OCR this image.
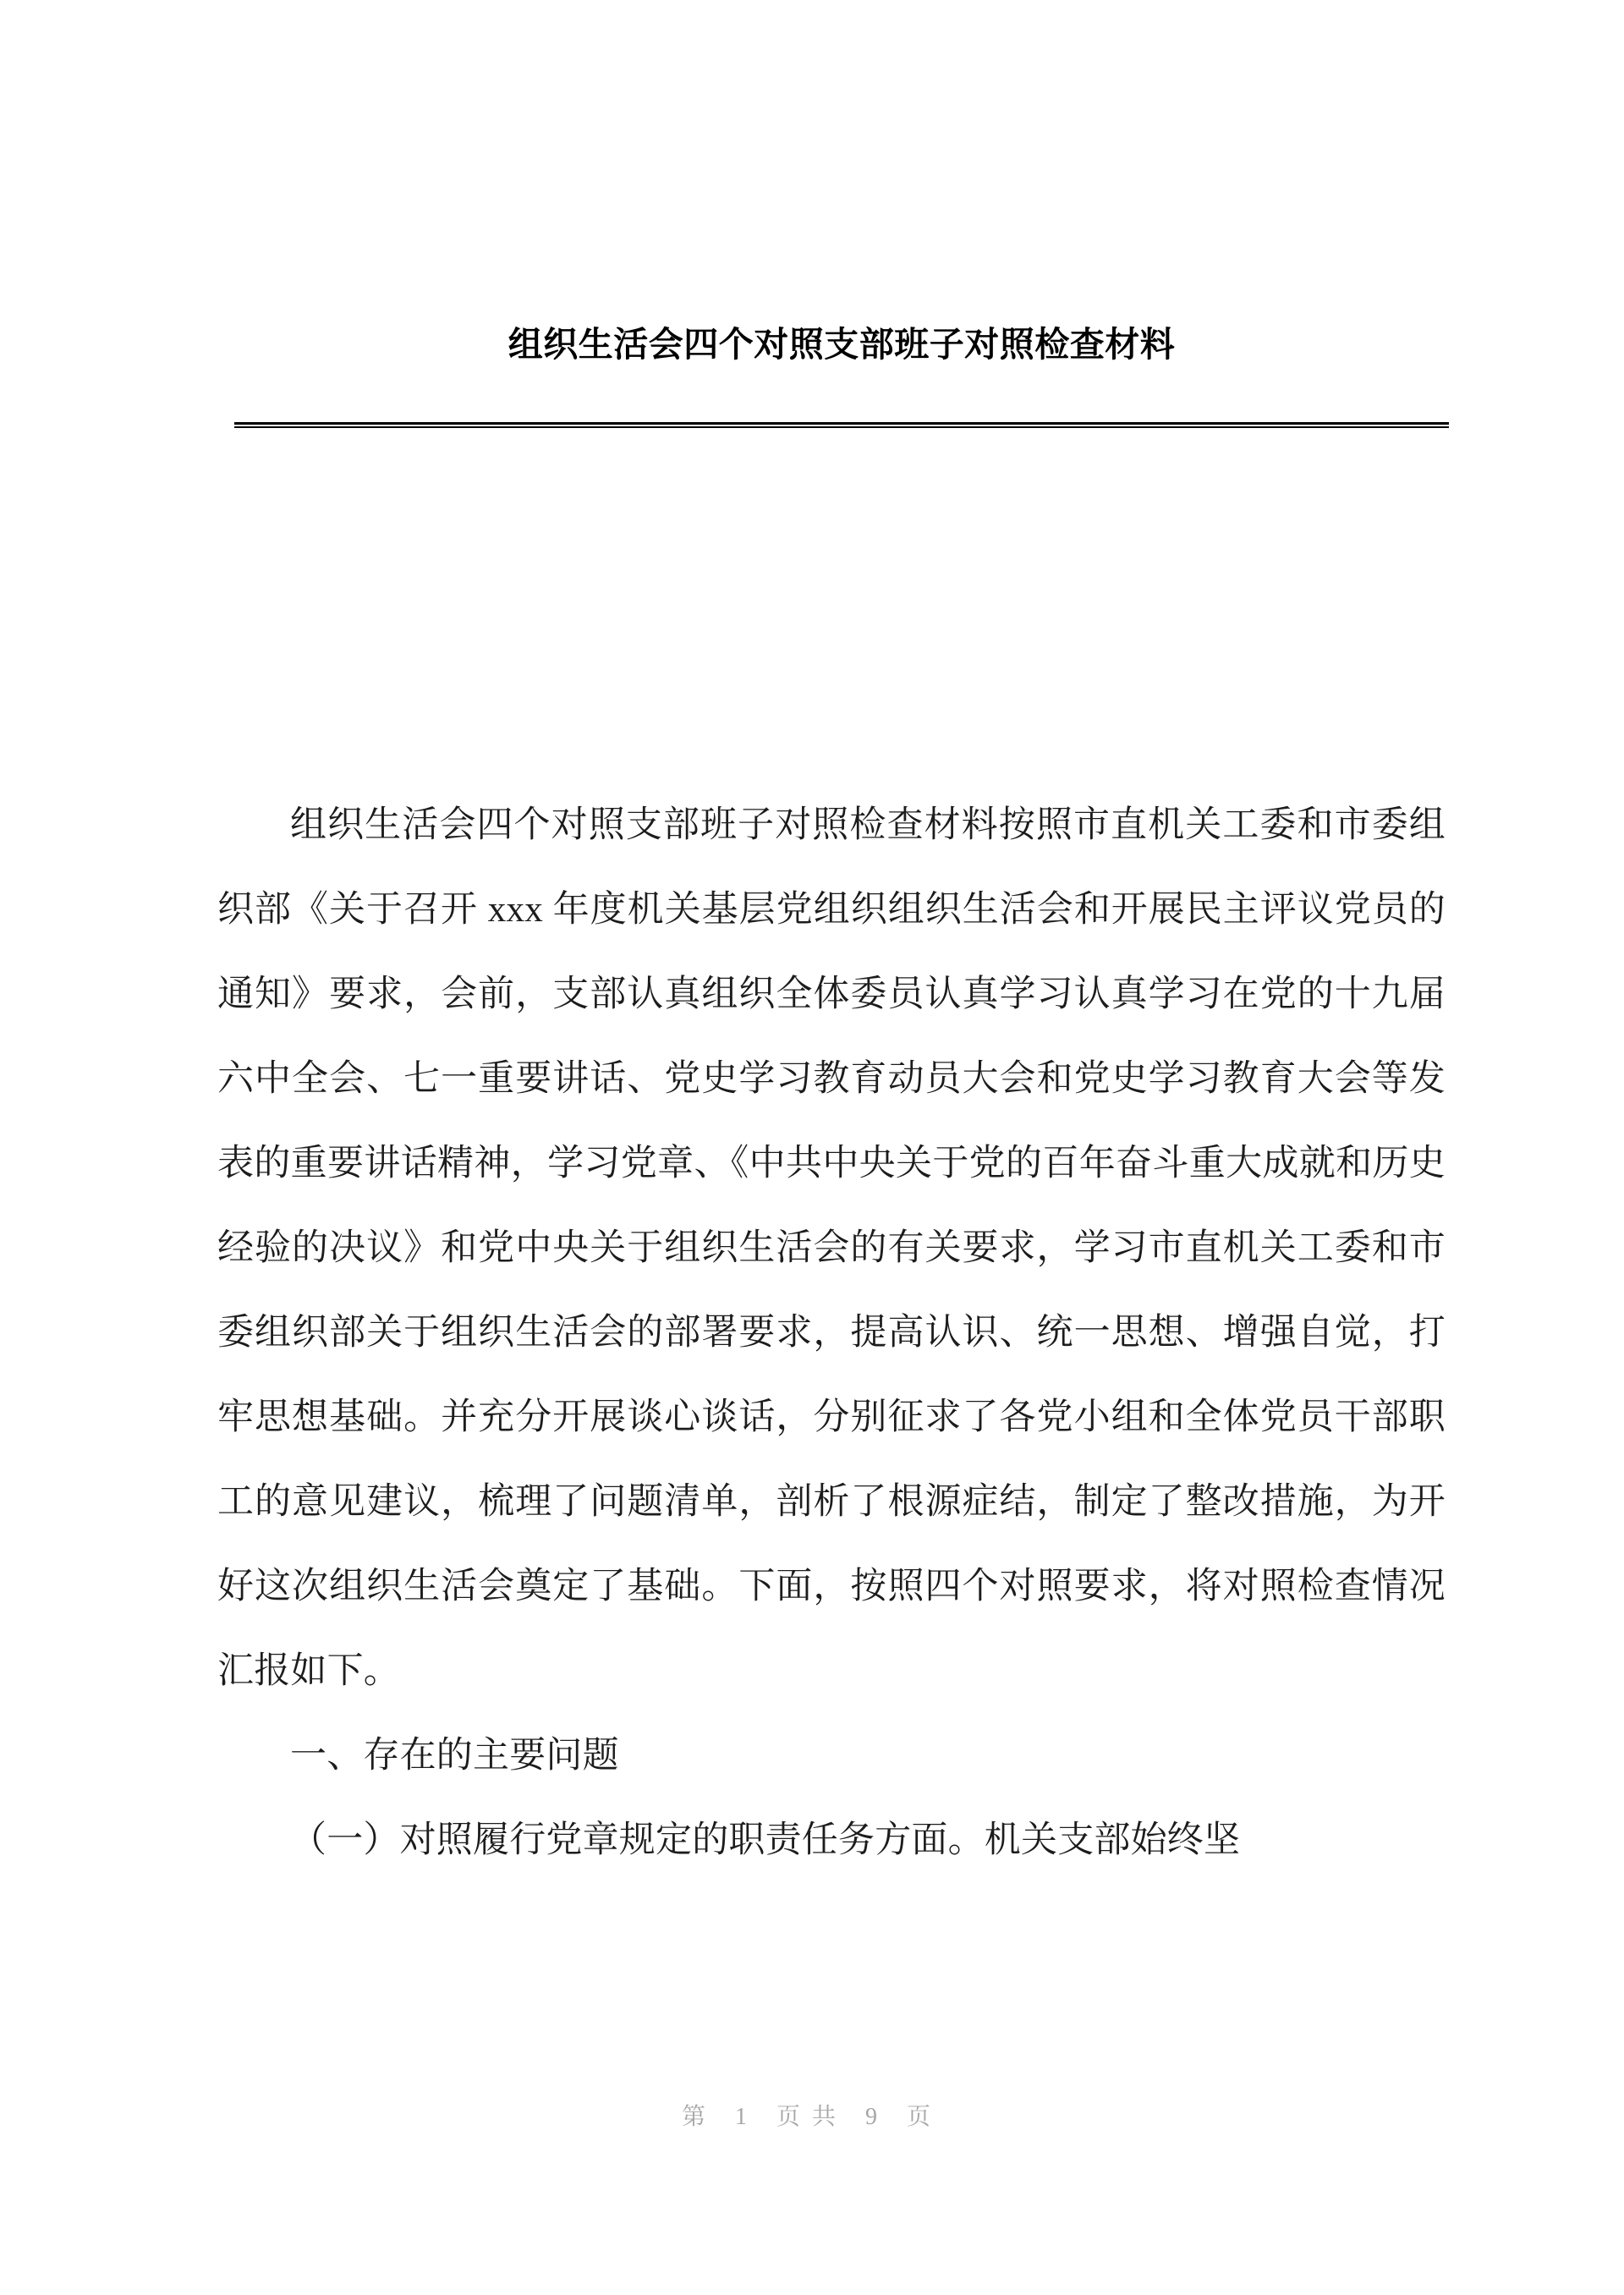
组织生活会四个对照支部班子对照检查材料

组织生活会四个对照支部班子对照检查材料按照市直机关工委和市委组织部《关于召开 xxx 年度机关基层党组织组织生活会和开展民主评议党员的通知》要求，会前，支部认真组织全体委员认真学习认真学习在党的十九届六中全会、七一重要讲话、党史学习教育动员大会和党史学习教育大会等发表的重要讲话精神，学习党章、《中共中央关于党的百年奋斗重大成就和历史经验的决议》和党中央关于组织生活会的有关要求，学习市直机关工委和市委组织部关于组织生活会的部署要求，提高认识、统一思想、增强自觉，打牢思想基础。并充分开展谈心谈话，分别征求了各党小组和全体党员干部职工的意见建议，梳理了问题清单，剖析了根源症结，制定了整改措施，为开好这次组织生活会奠定了基础。下面，按照四个对照要求，将对照检查情况汇报如下。

一、存在的主要问题

（一）对照履行党章规定的职责任务方面。机关支部始终坚

第 1 页共 9 页
